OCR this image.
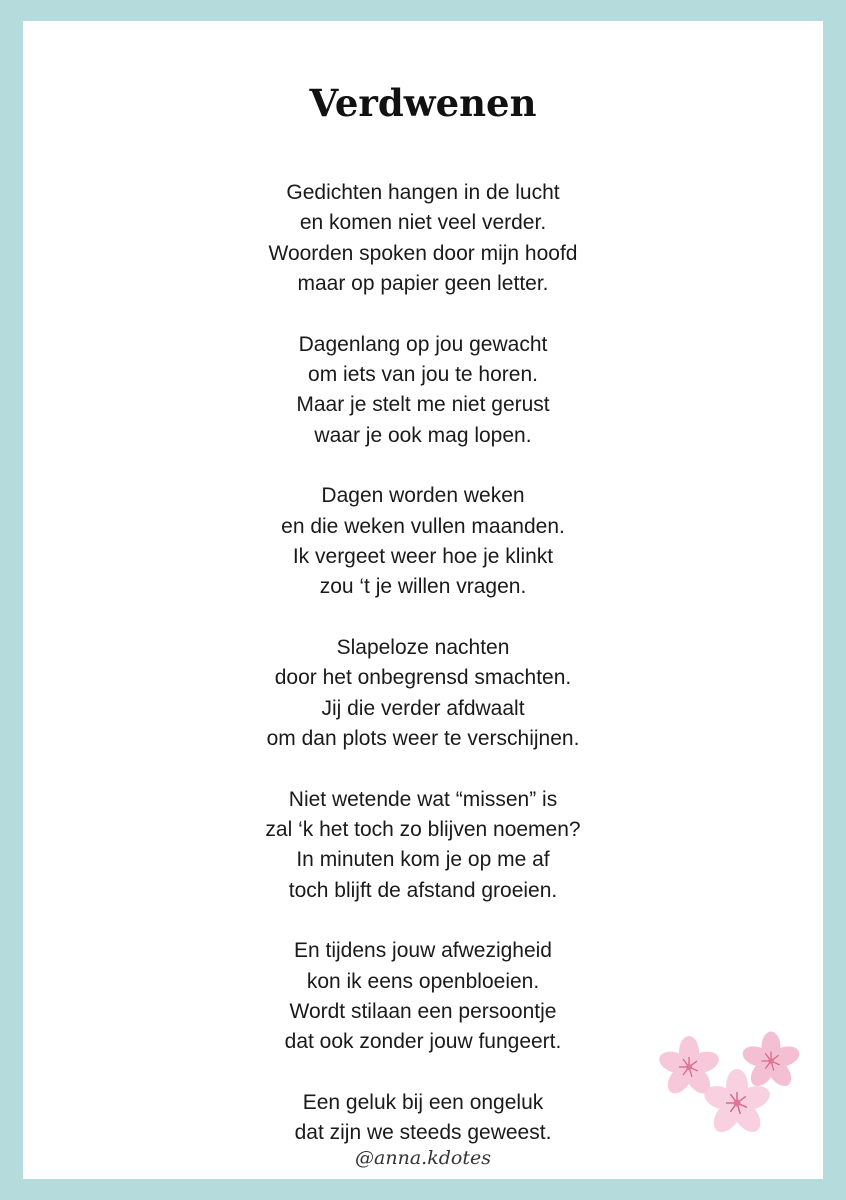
Verdwenen
Gedichten hangen in de lucht
en komen niet veel verder.
Woorden spoken door mijn hoofd
maar op papier geen letter.
Dagenlang op jou gewacht
om iets van jou te horen.
Maar je stelt me niet gerust
waar je ook mag lopen.
Dagen worden weken
en die weken vullen maanden.
Ik vergeet weer hoe je klinkt
zou ‘t je willen vragen.
Slapeloze nachten
door het onbegrensd smachten.
Jij die verder afdwaalt
om dan plots weer te verschijnen.
Niet wetende wat “missen” is
zal ‘k het toch zo blijven noemen?
In minuten kom je op me af
toch blijft de afstand groeien.
En tijdens jouw afwezigheid
kon ik eens openbloeien.
Wordt stilaan een persoontje
dat ook zonder jouw fungeert.
Een geluk bij een ongeluk
dat zijn we steeds geweest.
@anna.kdotes
